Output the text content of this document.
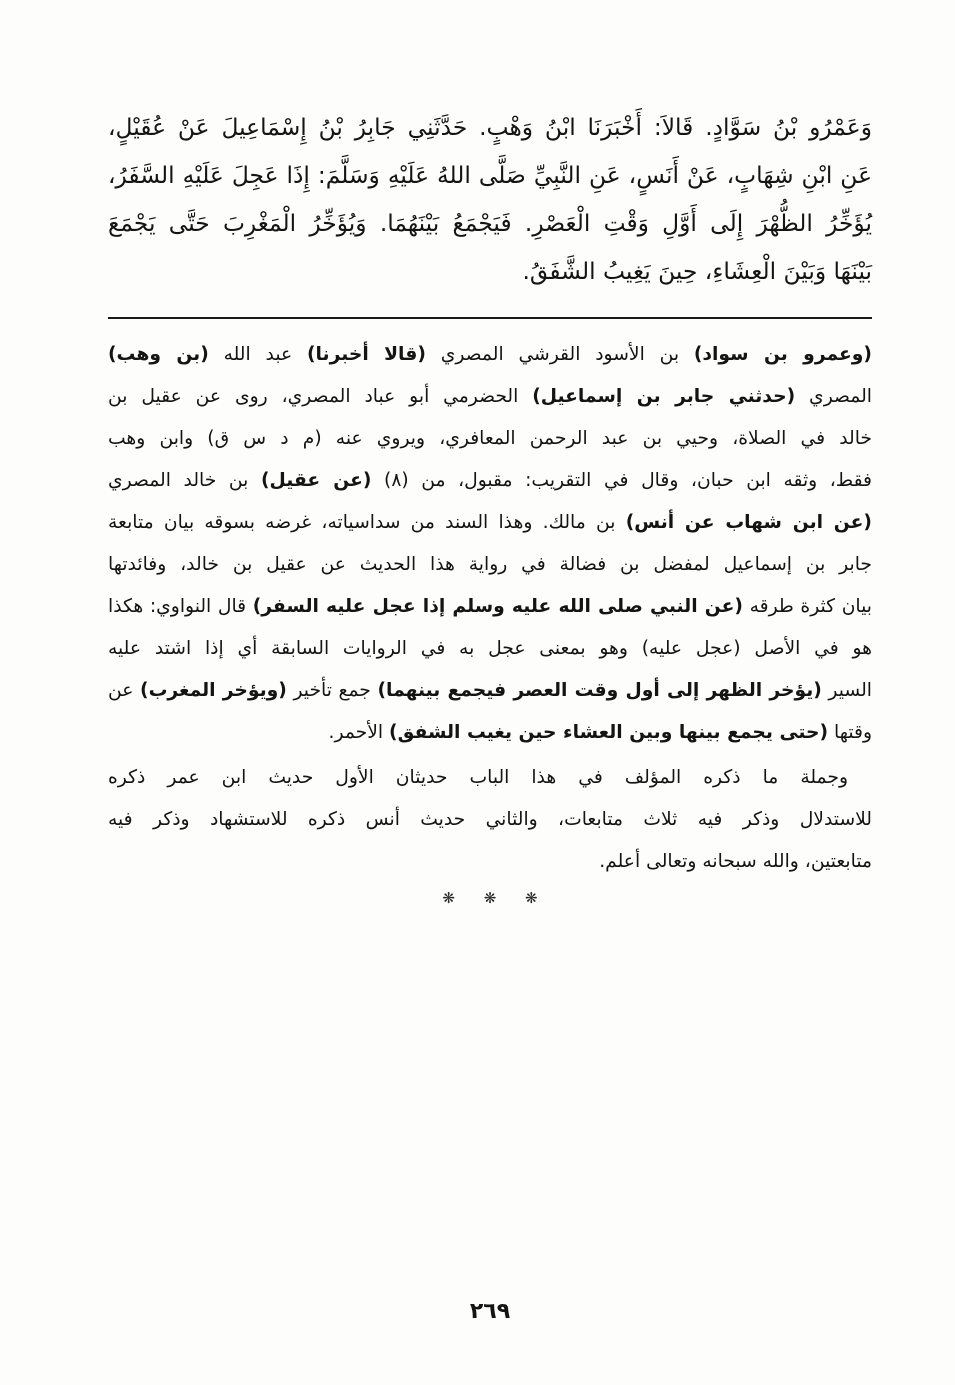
وَعَمْرُو بْنُ سَوَّادٍ. قَالاَ: أَخْبَرَنَا ابْنُ وَهْبٍ. حَدَّثَنِي جَابِرُ بْنُ إِسْمَاعِيلَ عَنْ عُقَيْلٍ،
عَنِ ابْنِ شِهَابٍ، عَنْ أَنَسٍ، عَنِ النَّبِيِّ صَلَّى اللهُ عَلَيْهِ وَسَلَّمَ: إِذَا عَجِلَ عَلَيْهِ السَّفَرُ،
يُؤَخِّرُ الظُّهْرَ إِلَى أَوَّلِ وَقْتِ الْعَصْرِ. فَيَجْمَعُ بَيْنَهُمَا. وَيُؤَخِّرُ الْمَغْرِبَ حَتَّى يَجْمَعَ
بَيْنَهَا وَبَيْنَ الْعِشَاءِ، حِينَ يَغِيبُ الشَّفَقُ.
(وعمرو بن سواد) بن الأسود القرشي المصري (قالا أخبرنا) عبد الله (بن وهب)
المصري (حدثني جابر بن إسماعيل) الحضرمي أبو عباد المصري، روى عن عقيل بن
خالد في الصلاة، وحيي بن عبد الرحمن المعافري، ويروي عنه (م د س ق) وابن وهب
فقط، وثقه ابن حبان، وقال في التقريب: مقبول، من (٨) (عن عقيل) بن خالد المصري
(عن ابن شهاب عن أنس) بن مالك. وهذا السند من سداسياته، غرضه بسوقه بيان متابعة
جابر بن إسماعيل لمفضل بن فضالة في رواية هذا الحديث عن عقيل بن خالد، وفائدتها
بيان كثرة طرقه (عن النبي صلى الله عليه وسلم إذا عجل عليه السفر) قال النواوي: هكذا
هو في الأصل (عجل عليه) وهو بمعنى عجل به في الروايات السابقة أي إذا اشتد عليه
السير (يؤخر الظهر إلى أول وقت العصر فيجمع بينهما) جمع تأخير (ويؤخر المغرب) عن
وقتها (حتى يجمع بينها وبين العشاء حين يغيب الشفق) الأحمر.
وجملة ما ذكره المؤلف في هذا الباب حديثان الأول حديث ابن عمر ذكره
للاستدلال وذكر فيه ثلاث متابعات، والثاني حديث أنس ذكره للاستشهاد وذكر فيه
متابعتين، والله سبحانه وتعالى أعلم.
❋ ❋ ❋
٢٦٩
